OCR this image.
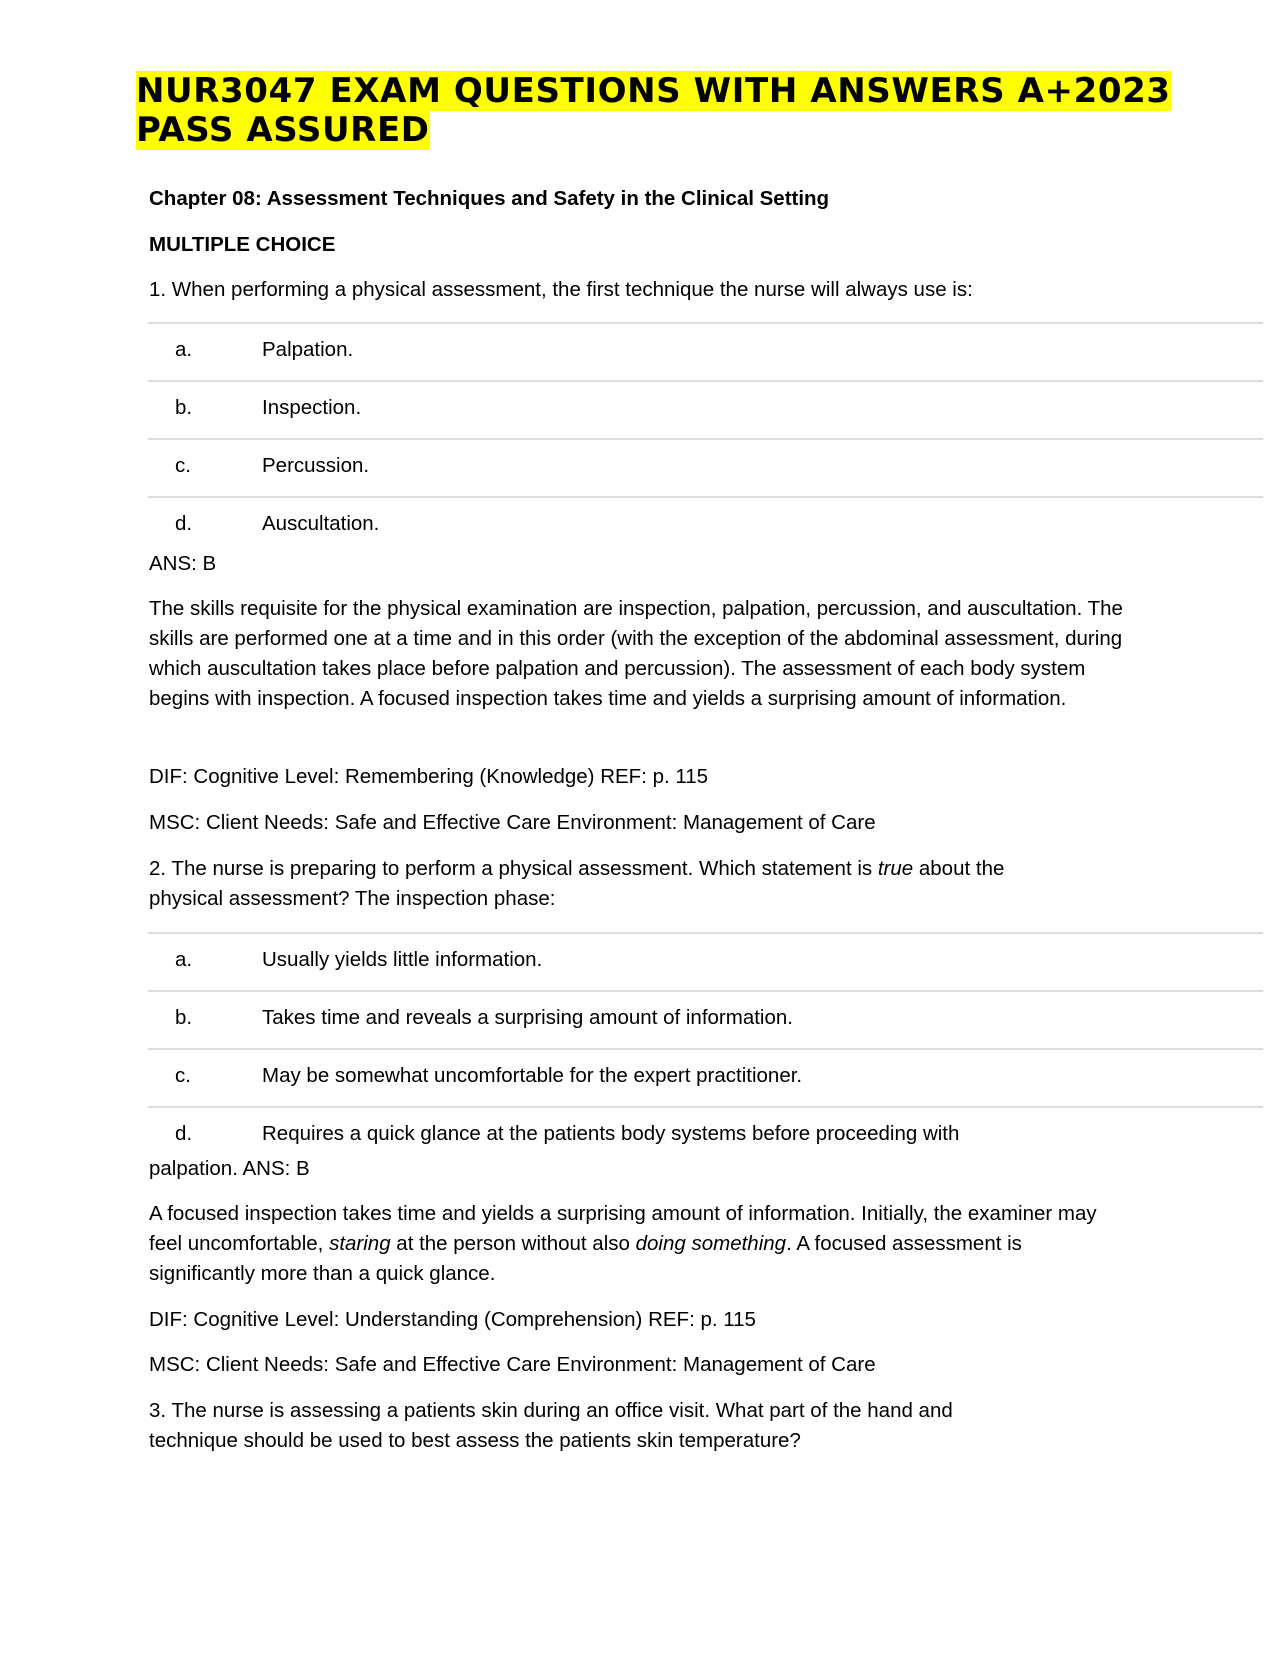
NUR3047 EXAM QUESTIONS WITH ANSWERS A+2023 PASS ASSURED

Chapter 08: Assessment Techniques and Safety in the Clinical Setting

MULTIPLE CHOICE

1. When performing a physical assessment, the first technique the nurse will always use is:

a.	Palpation.
b.	Inspection.
c.	Percussion.
d.	Auscultation.

ANS: B

The skills requisite for the physical examination are inspection, palpation, percussion, and auscultation. The skills are performed one at a time and in this order (with the exception of the abdominal assessment, during which auscultation takes place before palpation and percussion). The assessment of each body system begins with inspection. A focused inspection takes time and yields a surprising amount of information.

DIF: Cognitive Level: Remembering (Knowledge) REF: p. 115

MSC: Client Needs: Safe and Effective Care Environment: Management of Care

2. The nurse is preparing to perform a physical assessment. Which statement is true about the physical assessment? The inspection phase:

a.	Usually yields little information.
b.	Takes time and reveals a surprising amount of information.
c.	May be somewhat uncomfortable for the expert practitioner.
d.	Requires a quick glance at the patients body systems before proceeding with

palpation. ANS: B

A focused inspection takes time and yields a surprising amount of information. Initially, the examiner may feel uncomfortable, staring at the person without also doing something. A focused assessment is significantly more than a quick glance.

DIF: Cognitive Level: Understanding (Comprehension) REF: p. 115

MSC: Client Needs: Safe and Effective Care Environment: Management of Care

3. The nurse is assessing a patients skin during an office visit. What part of the hand and technique should be used to best assess the patients skin temperature?
